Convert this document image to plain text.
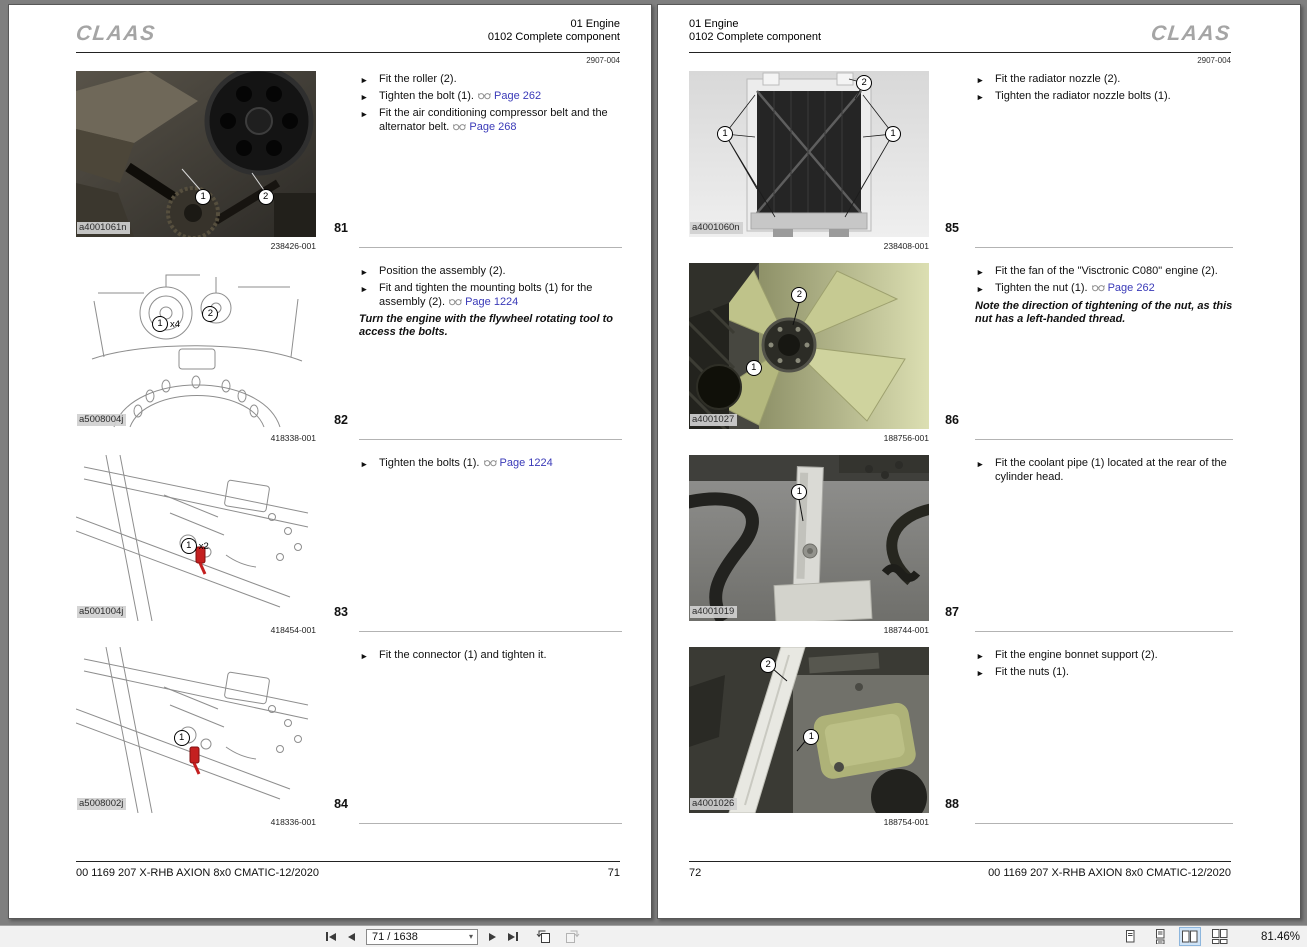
CLAAS	01 Engine
0102 Complete component
2907-004
a4001061n
1	2
238426-001
81
► Fit the roller (2).
► Tighten the bolt (1). Page 262
► Fit the air conditioning compressor belt and the alternator belt. Page 268
a5008004j
1 x4
2
418338-001
82
► Position the assembly (2).
► Fit and tighten the mounting bolts (1) for the assembly (2). Page 1224
Turn the engine with the flywheel rotating tool to access the bolts.
a5001004j
1 x2
418454-001
83
► Tighten the bolts (1). Page 1224
a5008002j
1
418336-001
84
► Fit the connector (1) and tighten it.
00 1169 207 X-RHB AXION 8x0 CMATIC-12/2020	71
CLAAS
01 Engine
0102 Complete component
2907-004
a4001060n
1
2
1
238408-001
85
► Fit the radiator nozzle (2).
► Tighten the radiator nozzle bolts (1).
a4001027
2
1
188756-001
86
► Fit the fan of the "Visctronic C080" engine (2).
► Tighten the nut (1). Page 262
Note the direction of tightening of the nut, as this nut has a left-handed thread.
a4001019
1
188744-001
87
► Fit the coolant pipe (1) located at the rear of the cylinder head.
a4001026
2
1
188754-001
88
► Fit the engine bonnet support (2).
► Fit the nuts (1).
72	00 1169 207 X-RHB AXION 8x0 CMATIC-12/2020
71 / 1638
▾	81.46%
